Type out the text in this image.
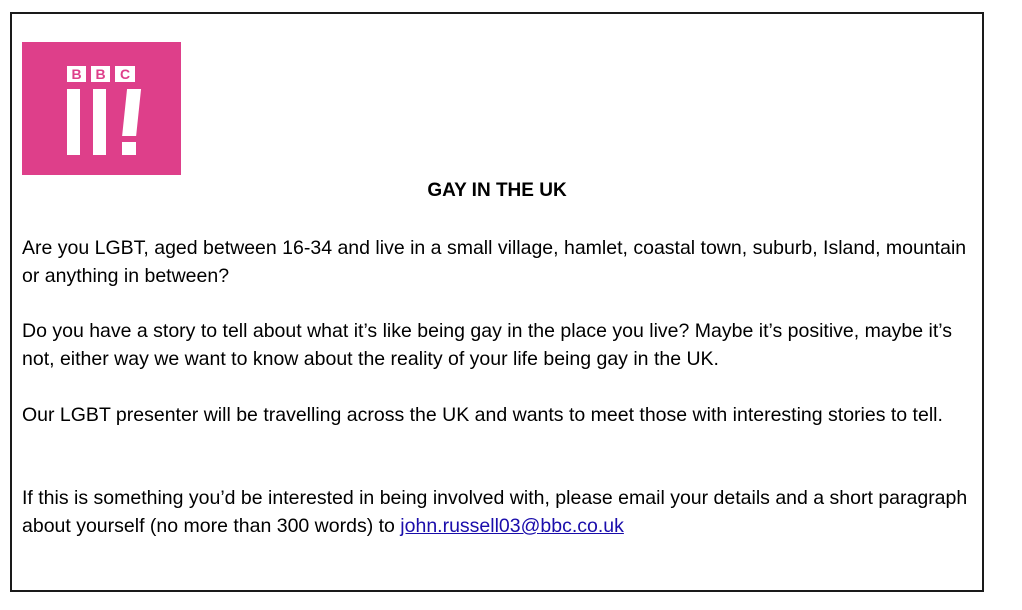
B B C
GAY IN THE UK

Are you LGBT, aged between 16-34 and live in a small village, hamlet, coastal town, suburb, Island, mountain or anything in between?

Do you have a story to tell about what it’s like being gay in the place you live? Maybe it’s positive, maybe it’s not, either way we want to know about the reality of your life being gay in the UK.

Our LGBT presenter will be travelling across the UK and wants to meet those with interesting stories to tell.

If this is something you’d be interested in being involved with, please email your details and a short paragraph about yourself (no more than 300 words) to john.russell03@bbc.co.uk
